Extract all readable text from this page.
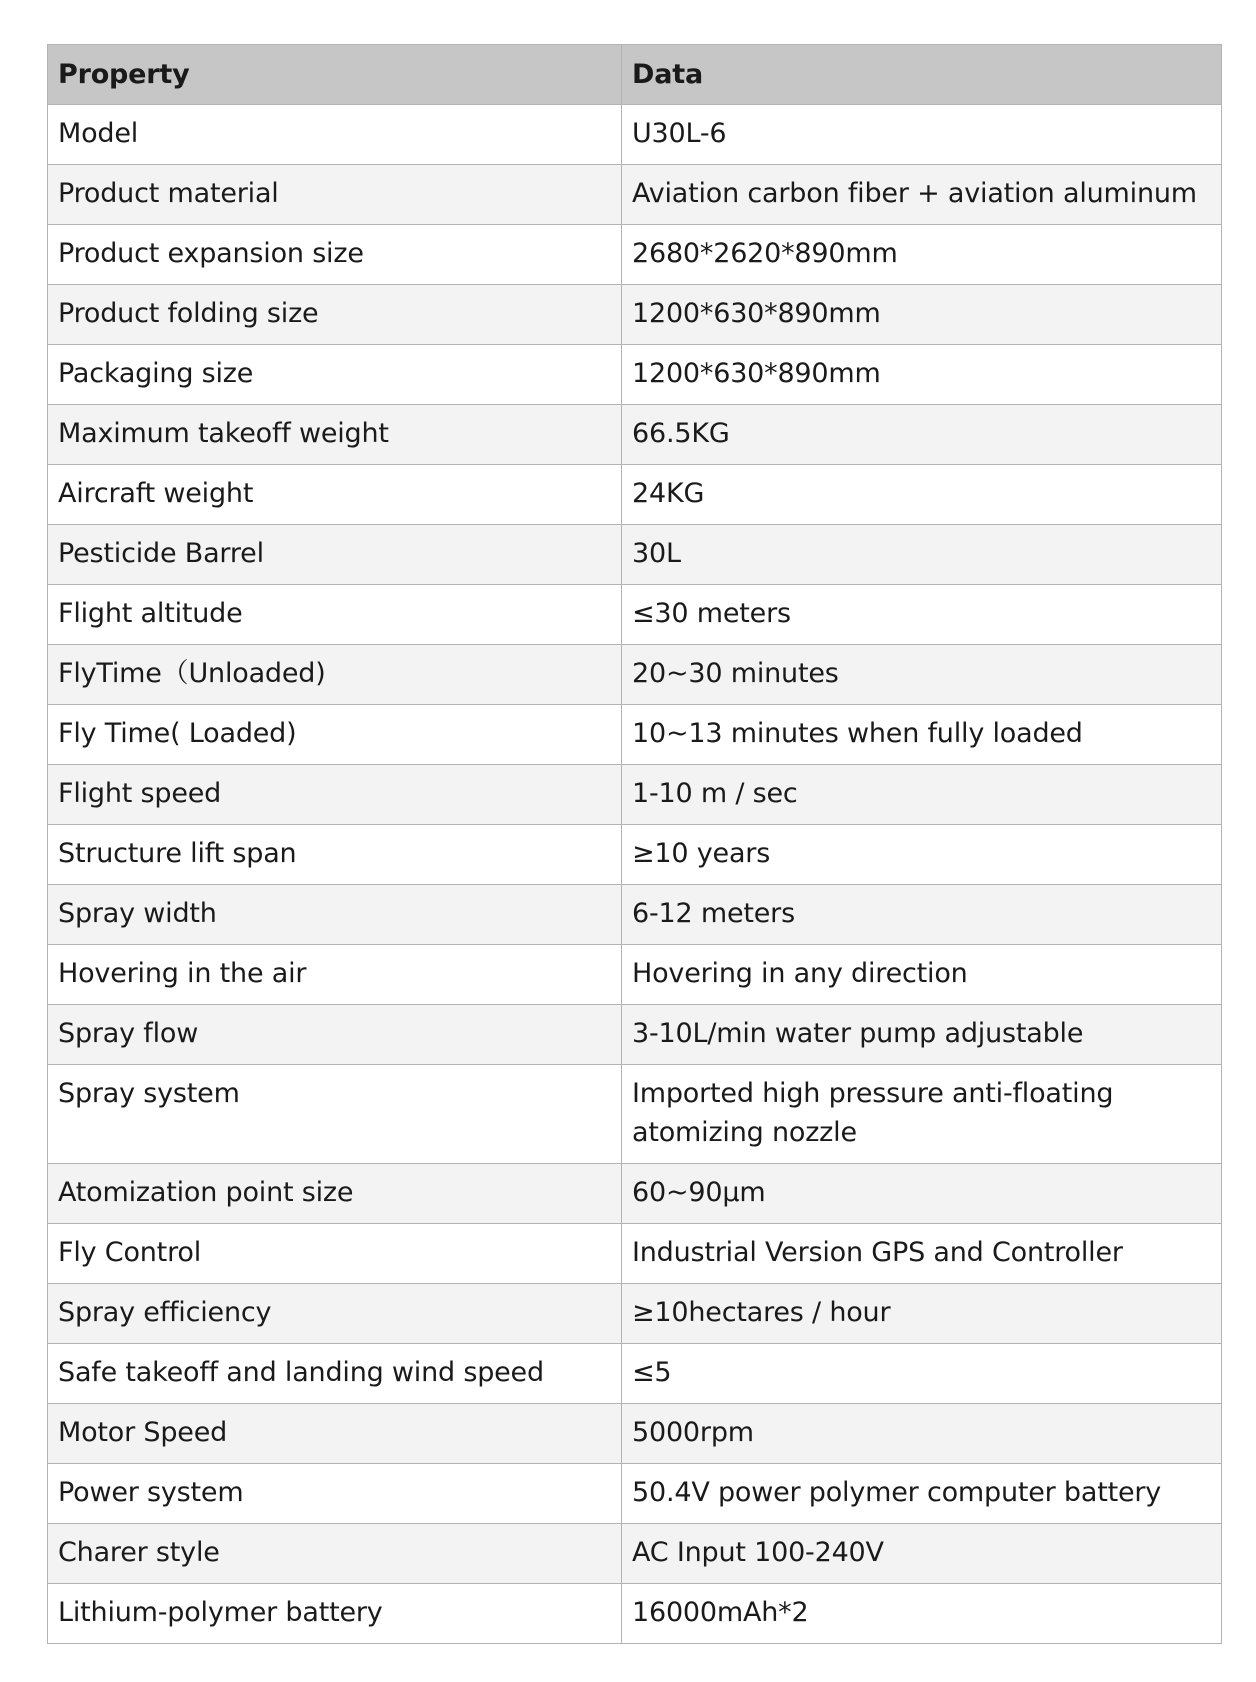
Property	Data
Model	U30L-6
Product material	Aviation carbon fiber + aviation aluminum
Product expansion size	2680*2620*890mm
Product folding size	1200*630*890mm
Packaging size	1200*630*890mm
Maximum takeoff weight	66.5KG
Aircraft weight	24KG
Pesticide Barrel	30L
Flight altitude	≤30 meters
FlyTime（Unloaded)	20~30 minutes
Fly Time( Loaded)	10~13 minutes when fully loaded
Flight speed	1-10 m / sec
Structure lift span	≥10 years
Spray width	6-12 meters
Hovering in the air	Hovering in any direction
Spray flow	3-10L/min water pump adjustable
Spray system	Imported high pressure anti-floating atomizing nozzle
Atomization point size	60~90μm
Fly Control	Industrial Version GPS and Controller
Spray efficiency	≥10hectares / hour
Safe takeoff and landing wind speed	≤5
Motor Speed	5000rpm
Power system	50.4V power polymer computer battery
Charer style	AC Input 100-240V
Lithium-polymer battery	16000mAh*2
